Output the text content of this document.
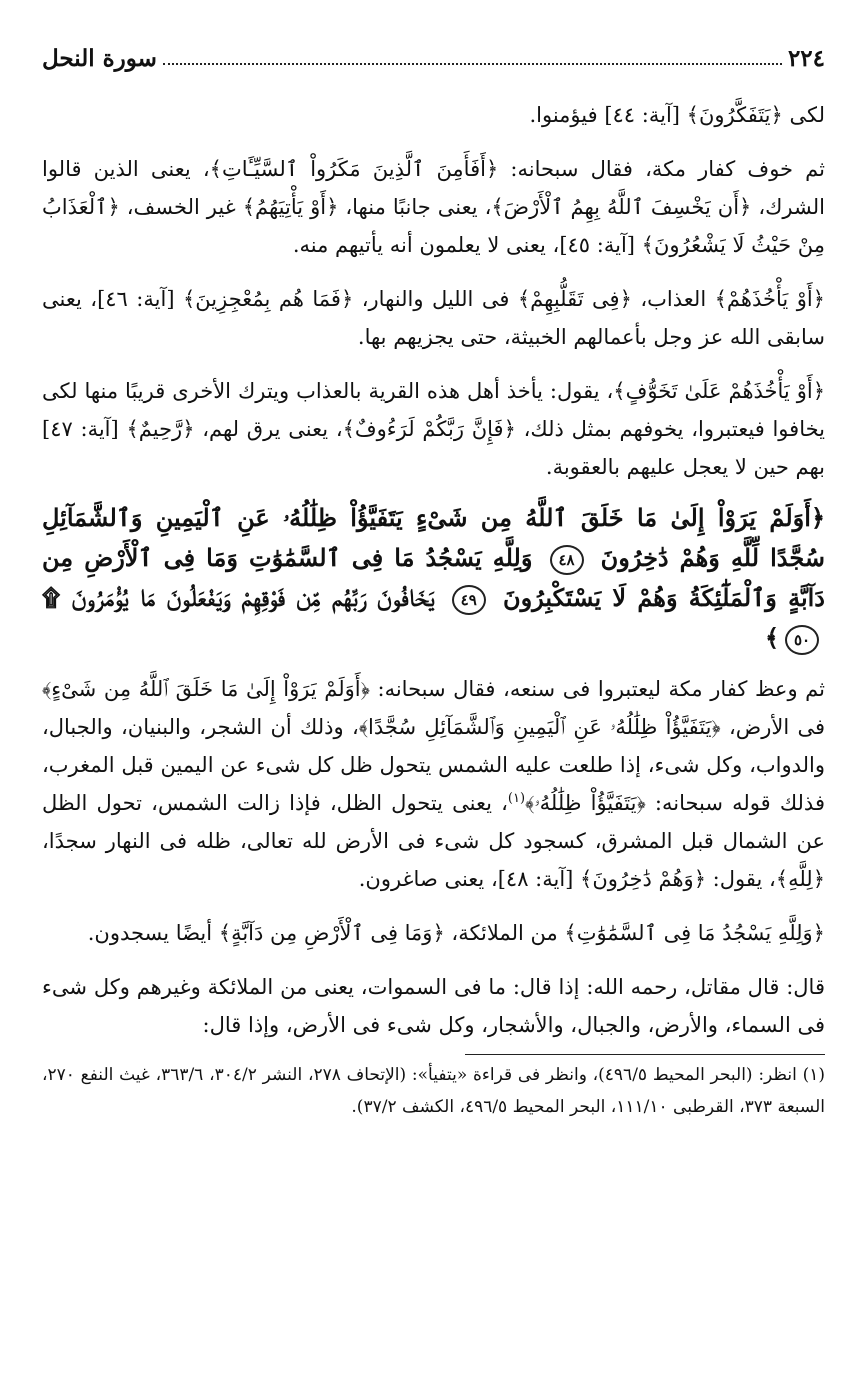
٢٢٤
سورة النحل

لكى ﴿يَتَفَكَّرُونَ﴾ [آية: ٤٤] فيؤمنوا.

ثم خوف كفار مكة، فقال سبحانه: ﴿أَفَأَمِنَ ٱلَّذِينَ مَكَرُواْ ٱلسَّيِّـَٔاتِ﴾، يعنى الذين قالوا الشرك، ﴿أَن يَخْسِفَ ٱللَّهُ بِهِمُ ٱلْأَرْضَ﴾، يعنى جانبًا منها، ﴿أَوْ يَأْتِيَهُمُ﴾ غير الخسف، ﴿ٱلْعَذَابُ مِنْ حَيْثُ لَا يَشْعُرُونَ﴾ [آية: ٤٥]، يعنى لا يعلمون أنه يأتيهم منه.

﴿أَوْ يَأْخُذَهُمْ﴾ العذاب، ﴿فِى تَقَلُّبِهِمْ﴾ فى الليل والنهار، ﴿فَمَا هُم بِمُعْجِزِينَ﴾ [آية: ٤٦]، يعنى سابقى الله عز وجل بأعمالهم الخبيثة، حتى يجزيهم بها.

﴿أَوْ يَأْخُذَهُمْ عَلَىٰ تَخَوُّفٍ﴾، يقول: يأخذ أهل هذه القرية بالعذاب ويترك الأخرى قريبًا منها لكى يخافوا فيعتبروا، يخوفهم بمثل ذلك، ﴿فَإِنَّ رَبَّكُمْ لَرَءُوفٌ﴾، يعنى يرق لهم، ﴿رَّحِيمٌ﴾ [آية: ٤٧] بهم حين لا يعجل عليهم بالعقوبة.

﴿أَوَلَمْ يَرَوْاْ إِلَىٰ مَا خَلَقَ ٱللَّهُ مِن شَىْءٍ يَتَفَيَّؤُاْ ظِلَٰلُهُۥ عَنِ ٱلْيَمِينِ وَٱلشَّمَآئِلِ سُجَّدًا لِّلَّهِ وَهُمْ دَٰخِرُونَ ٤٨ وَلِلَّهِ يَسْجُدُ مَا فِى ٱلسَّمَٰوَٰتِ وَمَا فِى ٱلْأَرْضِ مِن دَآبَّةٍ وَٱلْمَلَٰٓئِكَةُ وَهُمْ لَا يَسْتَكْبِرُونَ ٤٩ يَخَافُونَ رَبَّهُم مِّن فَوْقِهِمْ وَيَفْعَلُونَ مَا يُؤْمَرُونَ ۩ ٥٠﴾

ثم وعظ كفار مكة ليعتبروا فى سنعه، فقال سبحانه: ﴿أَوَلَمْ يَرَوْاْ إِلَىٰ مَا خَلَقَ ٱللَّهُ مِن شَىْءٍ﴾ فى الأرض، ﴿يَتَفَيَّؤُاْ ظِلَٰلُهُۥ عَنِ ٱلْيَمِينِ وَٱلشَّمَآئِلِ سُجَّدًا﴾، وذلك أن الشجر، والبنيان، والجبال، والدواب، وكل شىء، إذا طلعت عليه الشمس يتحول ظل كل شىء عن اليمين قبل المغرب، فذلك قوله سبحانه: ﴿يَتَفَيَّؤُاْ ظِلَٰلُهُۥ﴾$^{(١)}$، يعنى يتحول الظل، فإذا زالت الشمس، تحول الظل عن الشمال قبل المشرق، كسجود كل شىء فى الأرض لله تعالى، ظله فى النهار سجدًا، ﴿لِلَّهِ﴾، يقول: ﴿وَهُمْ دَٰخِرُونَ﴾ [آية: ٤٨]، يعنى صاغرون.

﴿وَلِلَّهِ يَسْجُدُ مَا فِى ٱلسَّمَٰوَٰتِ﴾ من الملائكة، ﴿وَمَا فِى ٱلْأَرْضِ مِن دَآبَّةٍ﴾ أيضًا يسجدون.

قال: قال مقاتل، رحمه الله: إذا قال: ما فى السموات، يعنى من الملائكة وغيرهم وكل شىء فى السماء، والأرض، والجبال، والأشجار، وكل شىء فى الأرض، وإذا قال:

(١) انظر: (البحر المحيط ٤٩٦/٥)، وانظر فى قراءة «يتفيأ»: (الإتحاف ٢٧٨، النشر ٣٠٤/٢، ٣٦٣/٦، غيث النفع ٢٧٠، السبعة ٣٧٣، القرطبى ١١١/١٠، البحر المحيط ٤٩٦/٥، الكشف ٣٧/٢).
